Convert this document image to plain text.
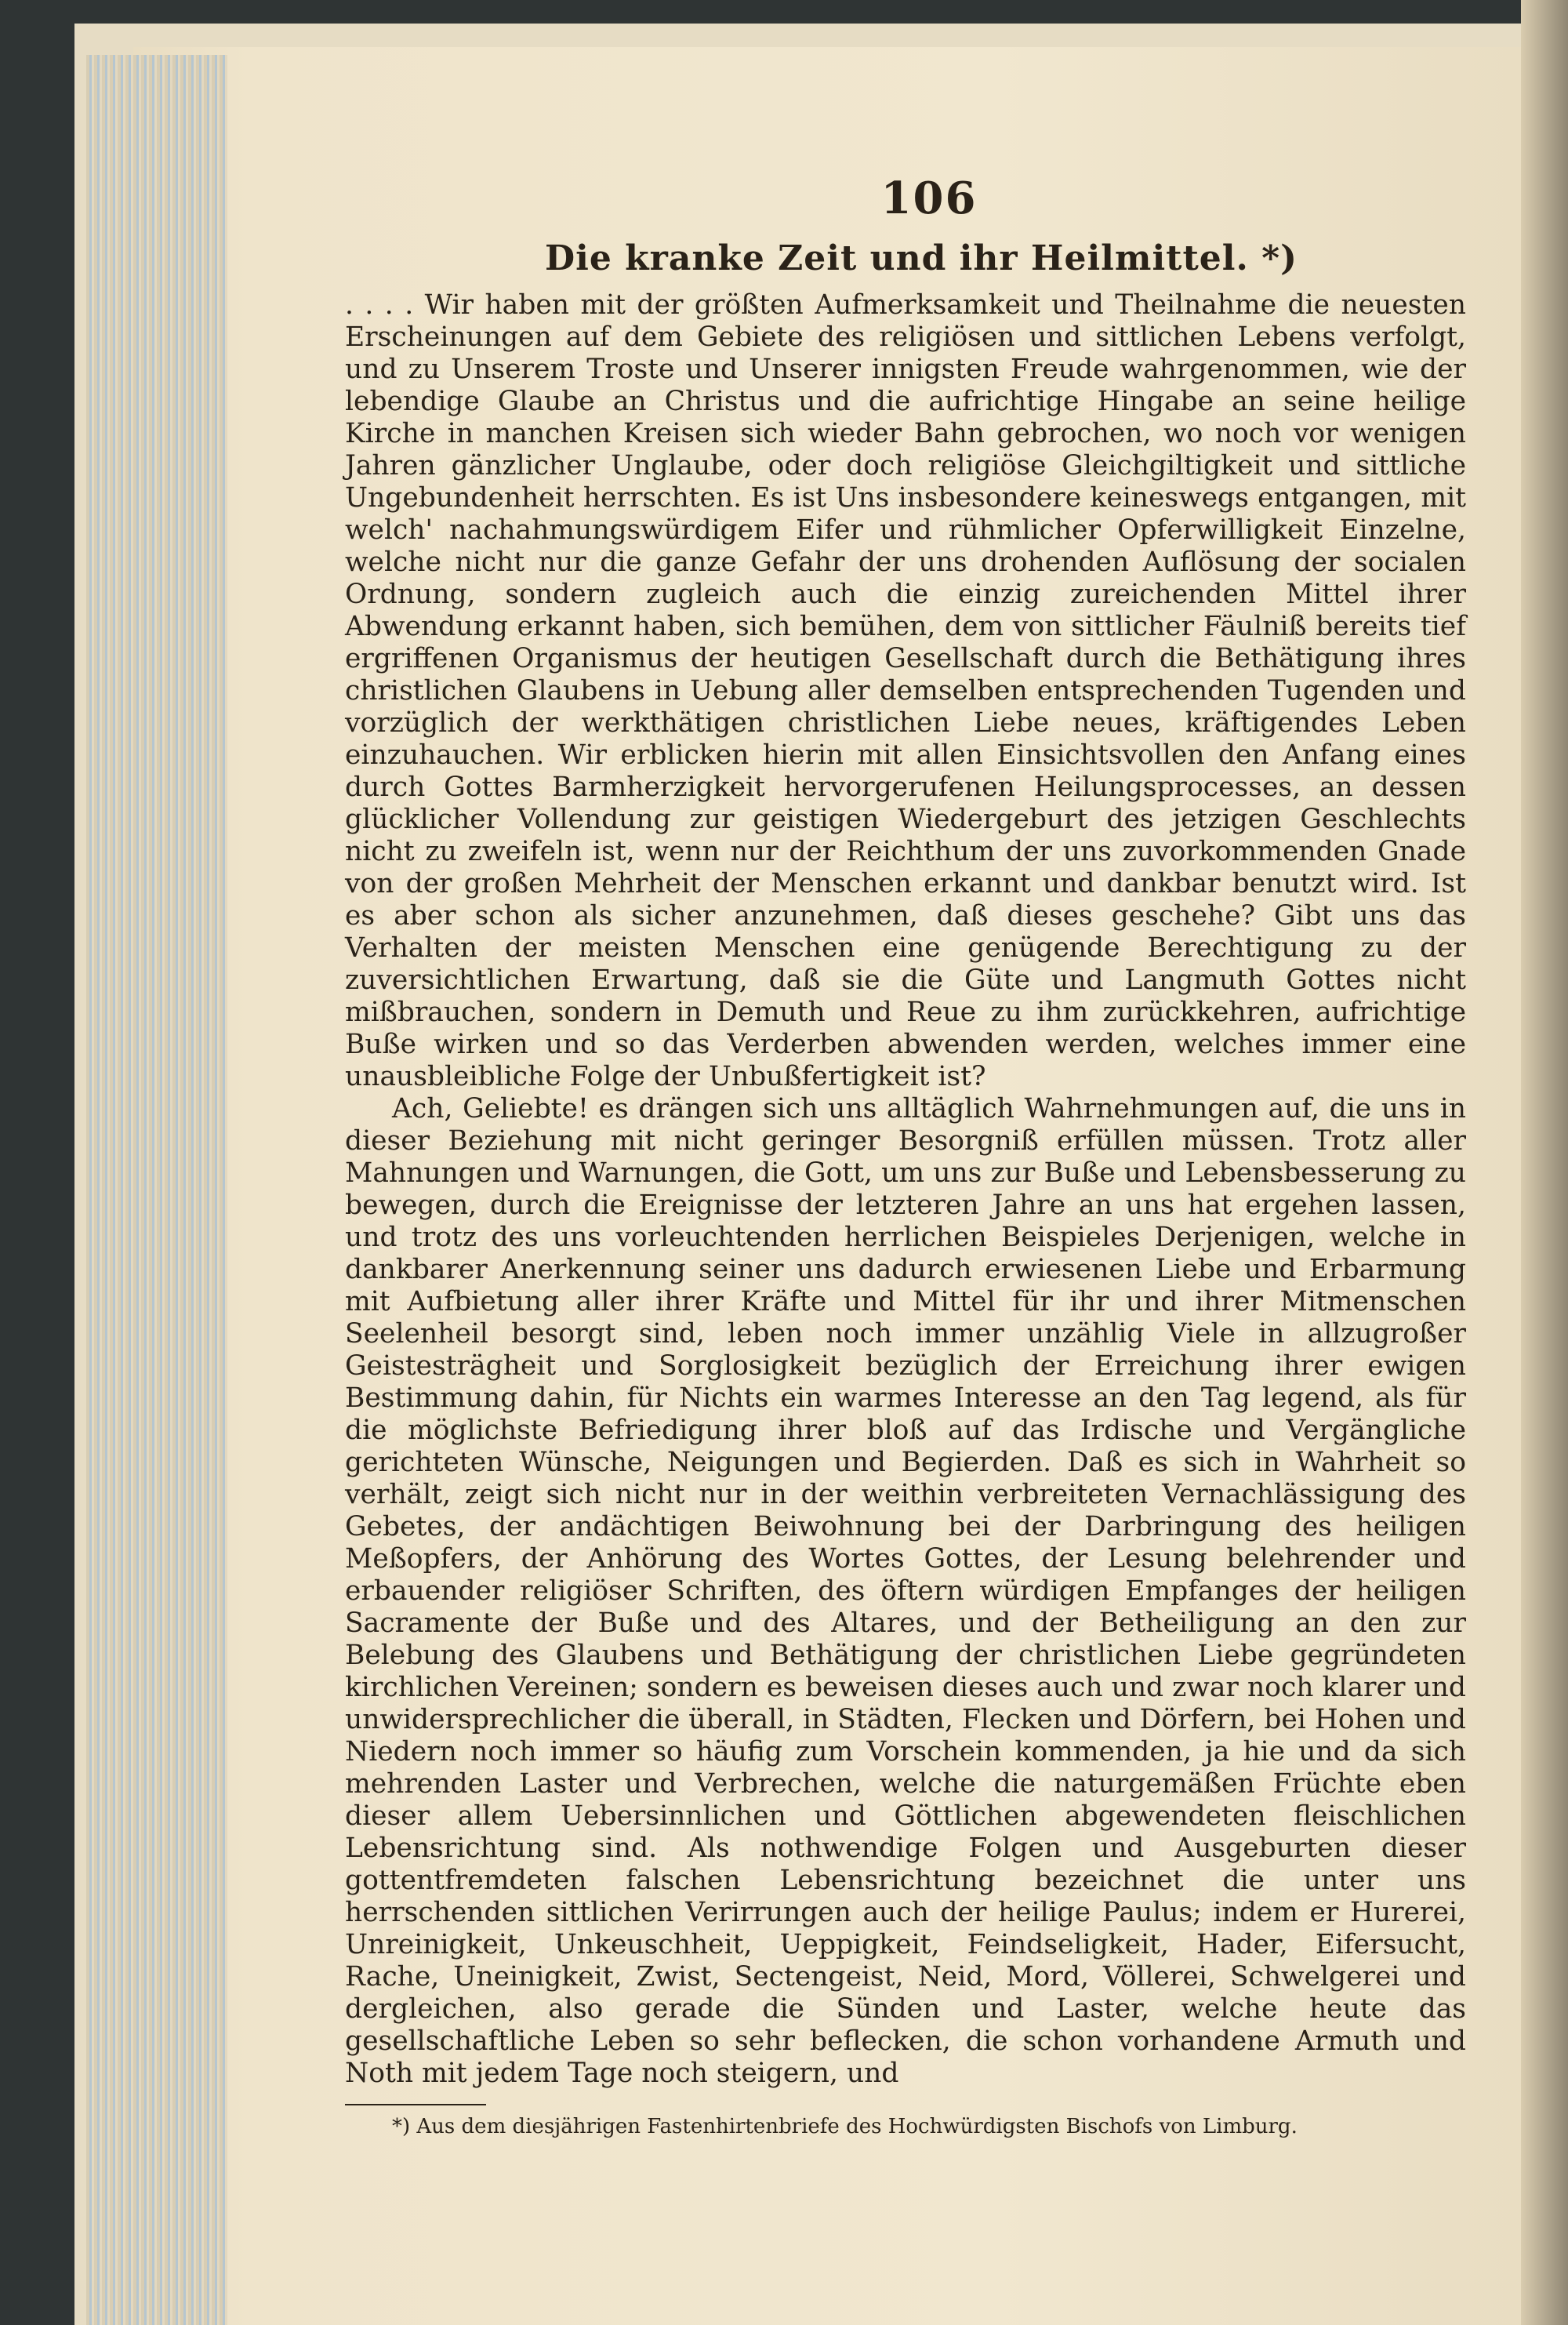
106
Die kranke Zeit und ihr Heilmittel. *)

. . . . Wir haben mit der größten Aufmerksamkeit und Theilnahme die neuesten Erscheinungen auf dem Gebiete des religiösen und sittlichen Lebens verfolgt, und zu Unserem Troste und Unserer innigsten Freude wahrgenommen, wie der lebendige Glaube an Christus und die aufrichtige Hingabe an seine heilige Kirche in manchen Kreisen sich wieder Bahn gebrochen, wo noch vor wenigen Jahren gänzlicher Unglaube, oder doch religiöse Gleichgiltigkeit und sittliche Ungebundenheit herrschten. Es ist Uns insbesondere keineswegs entgangen, mit welch' nachahmungswürdigem Eifer und rühmlicher Opferwilligkeit Einzelne, welche nicht nur die ganze Gefahr der uns drohenden Auflösung der socialen Ordnung, sondern zugleich auch die einzig zureichenden Mittel ihrer Abwendung erkannt haben, sich bemühen, dem von sittlicher Fäulniß bereits tief ergriffenen Organismus der heutigen Gesellschaft durch die Bethätigung ihres christlichen Glaubens in Uebung aller demselben entsprechenden Tugenden und vorzüglich der werkthätigen christlichen Liebe neues, kräftigendes Leben einzuhauchen. Wir erblicken hierin mit allen Einsichtsvollen den Anfang eines durch Gottes Barmherzigkeit hervorgerufenen Heilungsprocesses, an dessen glücklicher Vollendung zur geistigen Wiedergeburt des jetzigen Geschlechts nicht zu zweifeln ist, wenn nur der Reichthum der uns zuvorkommenden Gnade von der großen Mehrheit der Menschen erkannt und dankbar benutzt wird. Ist es aber schon als sicher anzunehmen, daß dieses geschehe? Gibt uns das Verhalten der meisten Menschen eine genügende Berechtigung zu der zuversichtlichen Erwartung, daß sie die Güte und Langmuth Gottes nicht mißbrauchen, sondern in Demuth und Reue zu ihm zurückkehren, aufrichtige Buße wirken und so das Verderben abwenden werden, welches immer eine unausbleibliche Folge der Unbußfertigkeit ist?

Ach, Geliebte! es drängen sich uns alltäglich Wahrnehmungen auf, die uns in dieser Beziehung mit nicht geringer Besorgniß erfüllen müssen. Trotz aller Mahnungen und Warnungen, die Gott, um uns zur Buße und Lebensbesserung zu bewegen, durch die Ereignisse der letzteren Jahre an uns hat ergehen lassen, und trotz des uns vorleuchtenden herrlichen Beispieles Derjenigen, welche in dankbarer Anerkennung seiner uns dadurch erwiesenen Liebe und Erbarmung mit Aufbietung aller ihrer Kräfte und Mittel für ihr und ihrer Mitmenschen Seelenheil besorgt sind, leben noch immer unzählig Viele in allzugroßer Geistesträgheit und Sorglosigkeit bezüglich der Erreichung ihrer ewigen Bestimmung dahin, für Nichts ein warmes Interesse an den Tag legend, als für die möglichste Befriedigung ihrer bloß auf das Irdische und Vergängliche gerichteten Wünsche, Neigungen und Begierden. Daß es sich in Wahrheit so verhält, zeigt sich nicht nur in der weithin verbreiteten Vernachlässigung des Gebetes, der andächtigen Beiwohnung bei der Darbringung des heiligen Meßopfers, der Anhörung des Wortes Gottes, der Lesung belehrender und erbauender religiöser Schriften, des öftern würdigen Empfanges der heiligen Sacramente der Buße und des Altares, und der Betheiligung an den zur Belebung des Glaubens und Bethätigung der christlichen Liebe gegründeten kirchlichen Vereinen; sondern es beweisen dieses auch und zwar noch klarer und unwidersprechlicher die überall, in Städten, Flecken und Dörfern, bei Hohen und Niedern noch immer so häufig zum Vorschein kommenden, ja hie und da sich mehrenden Laster und Verbrechen, welche die naturgemäßen Früchte eben dieser allem Uebersinnlichen und Göttlichen abgewendeten fleischlichen Lebensrichtung sind. Als nothwendige Folgen und Ausgeburten dieser gottentfremdeten falschen Lebensrichtung bezeichnet die unter uns herrschenden sittlichen Verirrungen auch der heilige Paulus; indem er Hurerei, Unreinigkeit, Unkeuschheit, Ueppigkeit, Feindseligkeit, Hader, Eifersucht, Rache, Uneinigkeit, Zwist, Sectengeist, Neid, Mord, Völlerei, Schwelgerei und dergleichen, also gerade die Sünden und Laster, welche heute das gesellschaftliche Leben so sehr beflecken, die schon vorhandene Armuth und Noth mit jedem Tage noch steigern, und

*) Aus dem diesjährigen Fastenhirtenbriefe des Hochwürdigsten Bischofs von Limburg.
